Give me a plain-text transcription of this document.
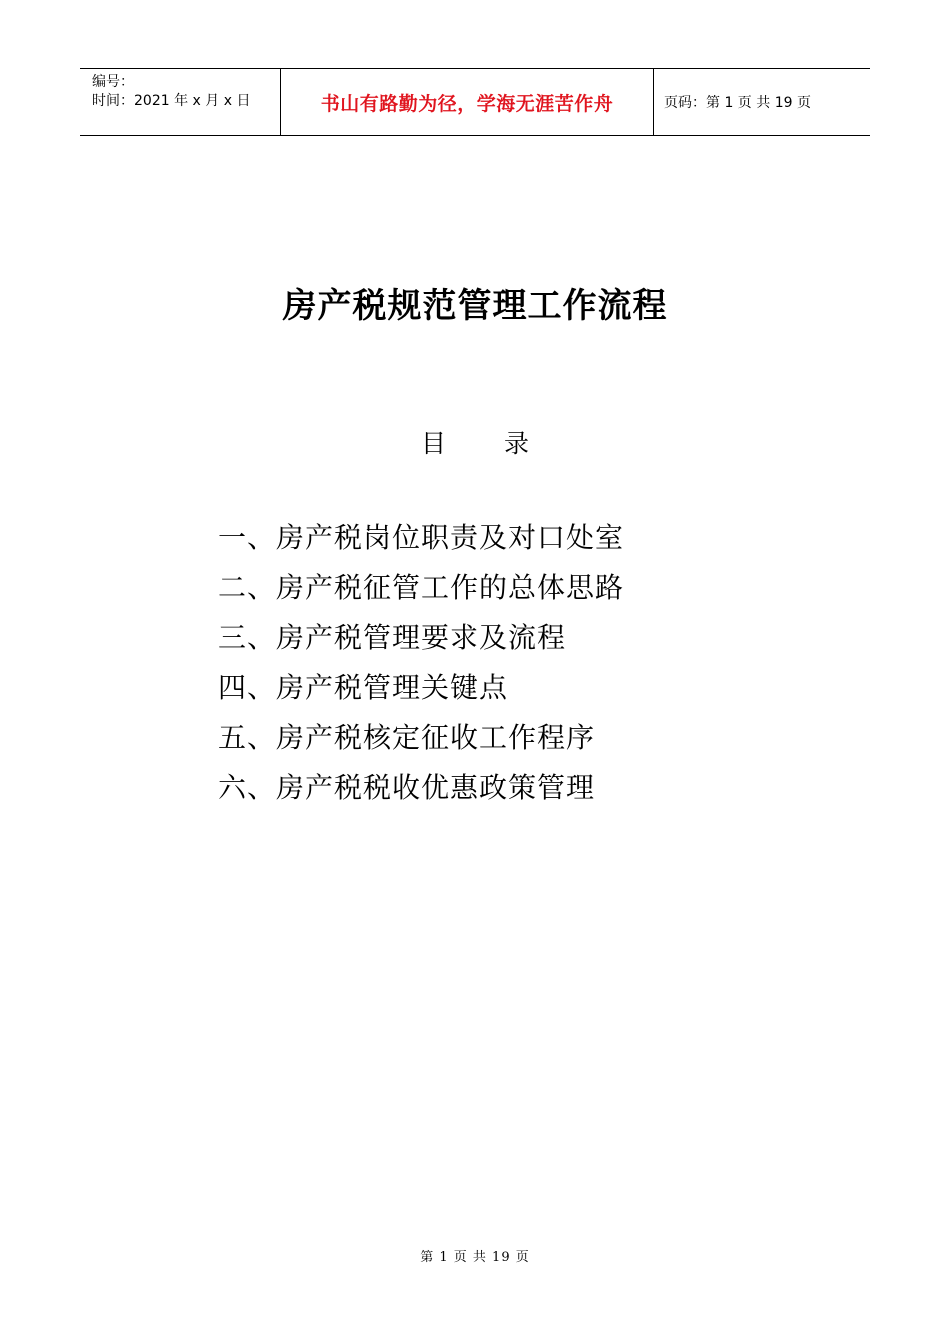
编号：
时间：2021 年 x 月 x 日	书山有路勤为径，学海无涯苦作舟	页码：第 1 页 共 19 页
房产税规范管理工作流程
目 录
一、房产税岗位职责及对口处室
二、房产税征管工作的总体思路
三、房产税管理要求及流程
四、房产税管理关键点
五、房产税核定征收工作程序
六、房产税税收优惠政策管理
第 1 页 共 19 页
